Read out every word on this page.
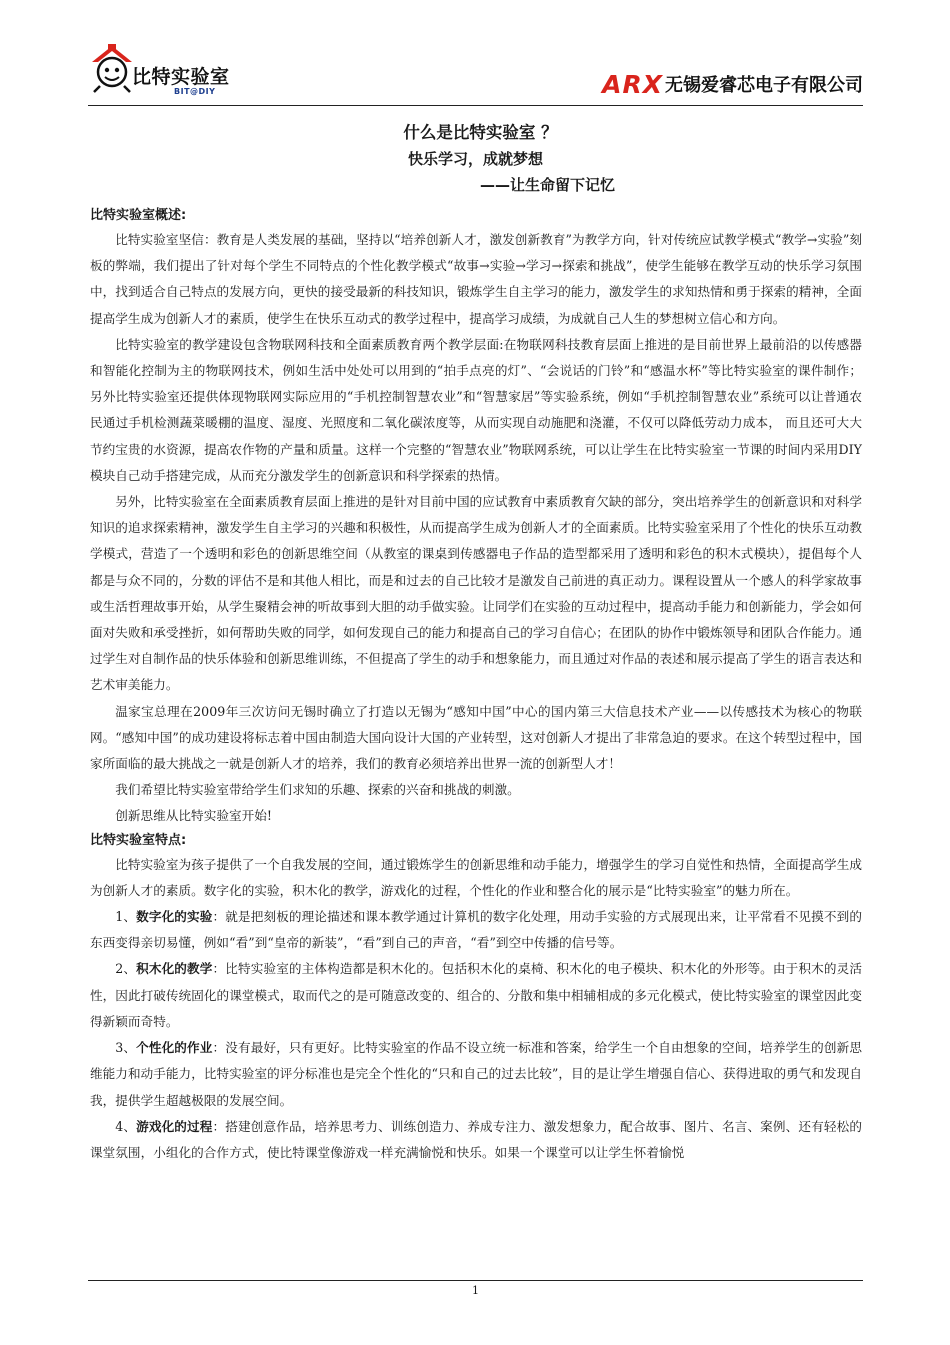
比特实验室
BIT@DIY	ARX 无锡爱睿芯电子有限公司
什么是比特实验室 ？
快乐学习，成就梦想
——让生命留下记忆

比特实验室概述:

比特实验室坚信：教育是人类发展的基础，坚持以“培养创新人才，激发创新教育”为教学方向，针对传统应试教学模式“教学→实验”刻板的弊端，我们提出了针对每个学生不同特点的个性化教学模式“故事→实验→学习→探索和挑战”，使学生能够在教学互动的快乐学习氛围中，找到适合自己特点的发展方向，更快的接受最新的科技知识，锻炼学生自主学习的能力，激发学生的求知热情和勇于探索的精神，全面提高学生成为创新人才的素质，使学生在快乐互动式的教学过程中，提高学习成绩，为成就自己人生的梦想树立信心和方向。

比特实验室的教学建设包含物联网科技和全面素质教育两个教学层面:在物联网科技教育层面上推进的是目前世界上最前沿的以传感器和智能化控制为主的物联网技术，例如生活中处处可以用到的“拍手点亮的灯”、“会说话的门铃”和“感温水杯”等比特实验室的课件制作；另外比特实验室还提供体现物联网实际应用的“手机控制智慧农业”和“智慧家居”等实验系统，例如“手机控制智慧农业”系统可以让普通农民通过手机检测蔬菜暖棚的温度、湿度、光照度和二氧化碳浓度等，从而实现自动施肥和浇灌，不仅可以降低劳动力成本， 而且还可大大节约宝贵的水资源，提高农作物的产量和质量。这样一个完整的“智慧农业”物联网系统，可以让学生在比特实验室一节课的时间内采用DIY模块自己动手搭建完成，从而充分激发学生的创新意识和科学探索的热情。

另外，比特实验室在全面素质教育层面上推进的是针对目前中国的应试教育中素质教育欠缺的部分，突出培养学生的创新意识和对科学知识的追求探索精神，激发学生自主学习的兴趣和积极性，从而提高学生成为创新人才的全面素质。比特实验室采用了个性化的快乐互动教学模式，营造了一个透明和彩色的创新思维空间（从教室的课桌到传感器电子作品的造型都采用了透明和彩色的积木式模块），提倡每个人都是与众不同的，分数的评估不是和其他人相比，而是和过去的自己比较才是激发自己前进的真正动力。课程设置从一个感人的科学家故事或生活哲理故事开始，从学生聚精会神的听故事到大胆的动手做实验。让同学们在实验的互动过程中，提高动手能力和创新能力，学会如何面对失败和承受挫折，如何帮助失败的同学，如何发现自己的能力和提高自己的学习自信心；在团队的协作中锻炼领导和团队合作能力。通过学生对自制作品的快乐体验和创新思维训练，不但提高了学生的动手和想象能力，而且通过对作品的表述和展示提高了学生的语言表达和艺术审美能力。

温家宝总理在2009年三次访问无锡时确立了打造以无锡为“感知中国”中心的国内第三大信息技术产业——以传感技术为核心的物联网。“感知中国”的成功建设将标志着中国由制造大国向设计大国的产业转型，这对创新人才提出了非常急迫的要求。在这个转型过程中，国家所面临的最大挑战之一就是创新人才的培养，我们的教育必须培养出世界一流的创新型人才！

我们希望比特实验室带给学生们求知的乐趣、探索的兴奋和挑战的刺激。

创新思维从比特实验室开始!

比特实验室特点:

比特实验室为孩子提供了一个自我发展的空间，通过锻炼学生的创新思维和动手能力，增强学生的学习自觉性和热情，全面提高学生成为创新人才的素质。数字化的实验，积木化的教学，游戏化的过程，个性化的作业和整合化的展示是“比特实验室”的魅力所在。

1、数字化的实验：就是把刻板的理论描述和课本教学通过计算机的数字化处理，用动手实验的方式展现出来，让平常看不见摸不到的东西变得亲切易懂，例如“看”到“皇帝的新装”，“看”到自己的声音，“看”到空中传播的信号等。

2、积木化的教学：比特实验室的主体构造都是积木化的。包括积木化的桌椅、积木化的电子模块、积木化的外形等。由于积木的灵活性，因此打破传统固化的课堂模式，取而代之的是可随意改变的、组合的、分散和集中相辅相成的多元化模式，使比特实验室的课堂因此变得新颖而奇特。

3、个性化的作业：没有最好，只有更好。比特实验室的作品不设立统一标准和答案，给学生一个自由想象的空间，培养学生的创新思维能力和动手能力，比特实验室的评分标准也是完全个性化的“只和自己的过去比较”，目的是让学生增强自信心、获得进取的勇气和发现自我，提供学生超越极限的发展空间。

4、游戏化的过程：搭建创意作品，培养思考力、训练创造力、养成专注力、激发想象力，配合故事、图片、名言、案例、还有轻松的课堂氛围，小组化的合作方式，使比特课堂像游戏一样充满愉悦和快乐。如果一个课堂可以让学生怀着愉悦

1
